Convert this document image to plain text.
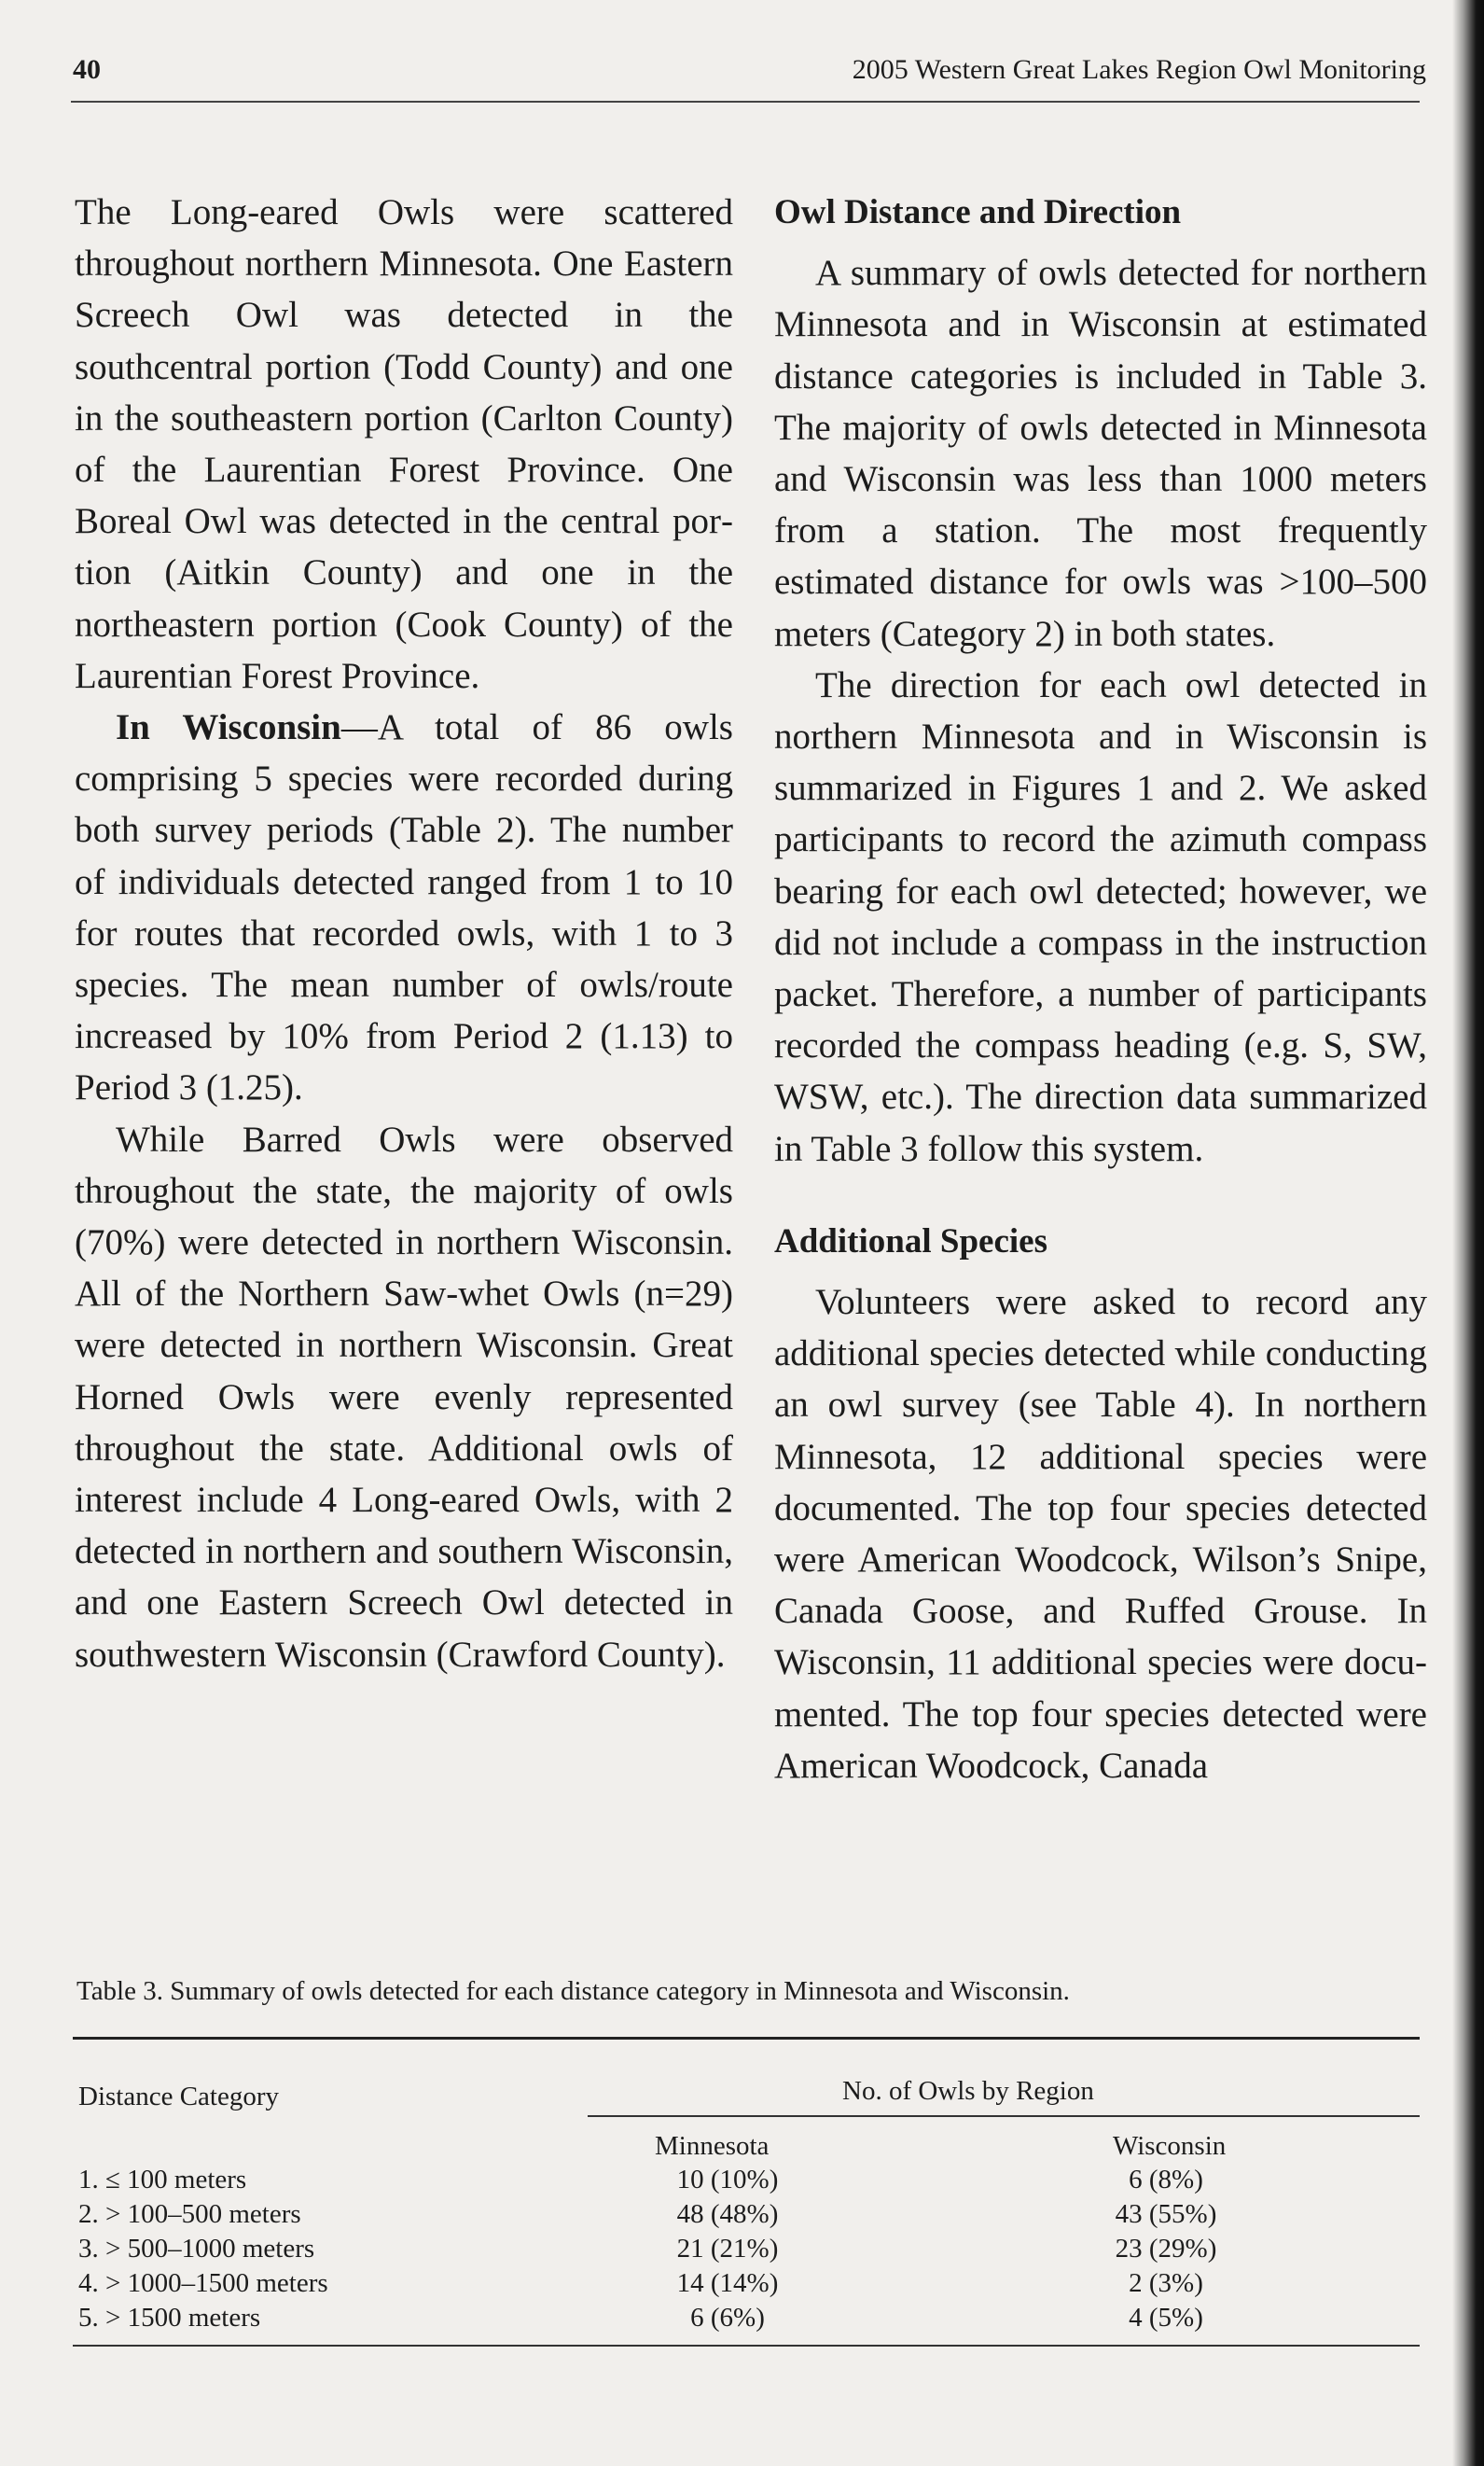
40	2005 Western Great Lakes Region Owl Monitoring

The Long-eared Owls were scattered throughout northern Minnesota. One Eastern Screech Owl was detected in the southcentral portion (Todd County) and one in the southeastern portion (Carlton County) of the Laurentian Forest Province. One Boreal Owl was detected in the central portion (Aitkin County) and one in the northeastern portion (Cook County) of the Laurentian Forest Province.

In Wisconsin—A total of 86 owls comprising 5 species were recorded during both survey periods (Table 2). The number of individuals detected ranged from 1 to 10 for routes that recorded owls, with 1 to 3 species. The mean number of owls/route increased by 10% from Period 2 (1.13) to Period 3 (1.25).

While Barred Owls were observed throughout the state, the majority of owls (70%) were detected in northern Wisconsin. All of the Northern Saw-whet Owls (n=29) were detected in northern Wisconsin. Great Horned Owls were evenly represented throughout the state. Additional owls of interest include 4 Long-eared Owls, with 2 detected in northern and southern Wisconsin, and one Eastern Screech Owl detected in southwestern Wisconsin (Crawford County).

Owl Distance and Direction

A summary of owls detected for northern Minnesota and in Wisconsin at estimated distance categories is included in Table 3. The majority of owls detected in Minnesota and Wisconsin was less than 1000 meters from a station. The most frequently estimated distance for owls was >100–500 meters (Category 2) in both states.

The direction for each owl detected in northern Minnesota and in Wisconsin is summarized in Figures 1 and 2. We asked participants to record the azimuth compass bearing for each owl detected; however, we did not include a compass in the instruction packet. Therefore, a number of participants recorded the compass heading (e.g. S, SW, WSW, etc.). The direction data summarized in Table 3 follow this system.

Additional Species

Volunteers were asked to record any additional species detected while conducting an owl survey (see Table 4). In northern Minnesota, 12 additional species were documented. The top four species detected were American Woodcock, Wilson’s Snipe, Canada Goose, and Ruffed Grouse. In Wisconsin, 11 additional species were documented. The top four species detected were American Woodcock, Canada

Table 3. Summary of owls detected for each distance category in Minnesota and Wisconsin.
Distance Category	No. of Owls by Region
Minnesota	Wisconsin
1. ≤ 100 meters	10 (10%)	6 (8%)
2. > 100–500 meters	48 (48%)	43 (55%)
3. > 500–1000 meters	21 (21%)	23 (29%)
4. > 1000–1500 meters	14 (14%)	2 (3%)
5. > 1500 meters	6 (6%)	4 (5%)
